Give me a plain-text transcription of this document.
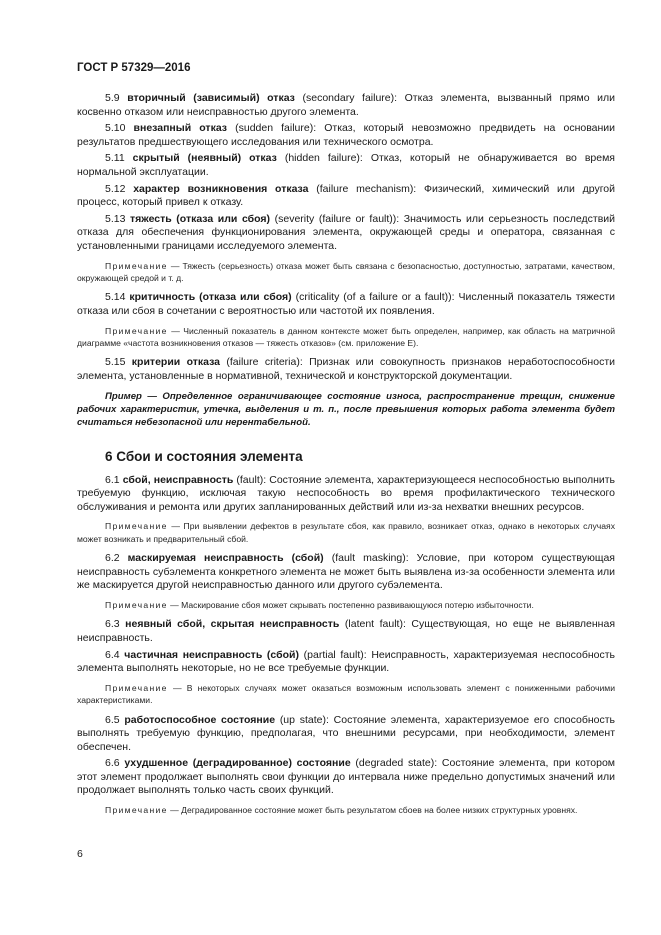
ГОСТ Р 57329—2016

5.9 вторичный (зависимый) отказ (secondary failure): Отказ элемента, вызванный прямо или косвенно отказом или неисправностью другого элемента.

5.10 внезапный отказ (sudden failure): Отказ, который невозможно предвидеть на основании результатов предшествующего исследования или технического осмотра.

5.11 скрытый (неявный) отказ (hidden failure): Отказ, который не обнаруживается во время нормальной эксплуатации.

5.12 характер возникновения отказа (failure mechanism): Физический, химический или другой процесс, который привел к отказу.

5.13 тяжесть (отказа или сбоя) (severity (failure or fault)): Значимость или серьезность последствий отказа для обеспечения функционирования элемента, окружающей среды и оператора, связанная с установленными границами исследуемого элемента.

Примечание — Тяжесть (серьезность) отказа может быть связана с безопасностью, доступностью, затратами, качеством, окружающей средой и т. д.

5.14 критичность (отказа или сбоя) (criticality (of a failure or a fault)): Численный показатель тяжести отказа или сбоя в сочетании с вероятностью или частотой их появления.

Примечание — Численный показатель в данном контексте может быть определен, например, как область на матричной диаграмме «частота возникновения отказов — тяжесть отказов» (см. приложение Е).

5.15 критерии отказа (failure criteria): Признак или совокупность признаков неработоспособности элемента, установленные в нормативной, технической и конструкторской документации.

Пример — Определенное ограничивающее состояние износа, распространение трещин, снижение рабочих характеристик, утечка, выделения и т. п., после превышения которых работа элемента будет считаться небезопасной или нерентабельной.

6 Сбои и состояния элемента

6.1 сбой, неисправность (fault): Состояние элемента, характеризующееся неспособностью выполнить требуемую функцию, исключая такую неспособность во время профилактического технического обслуживания и ремонта или других запланированных действий или из-за нехватки внешних ресурсов.

Примечание — При выявлении дефектов в результате сбоя, как правило, возникает отказ, однако в некоторых случаях может возникать и предварительный сбой.

6.2 маскируемая неисправность (сбой) (fault masking): Условие, при котором существующая неисправность субэлемента конкретного элемента не может быть выявлена из-за особенности элемента или же маскируется другой неисправностью данного или другого субэлемента.

Примечание — Маскирование сбоя может скрывать постепенно развивающуюся потерю избыточности.

6.3 неявный сбой, скрытая неисправность (latent fault): Существующая, но еще не выявленная неисправность.

6.4 частичная неисправность (сбой) (partial fault): Неисправность, характеризуемая неспособность элемента выполнять некоторые, но не все требуемые функции.

Примечание — В некоторых случаях может оказаться возможным использовать элемент с пониженными рабочими характеристиками.

6.5 работоспособное состояние (up state): Состояние элемента, характеризуемое его способность выполнять требуемую функцию, предполагая, что внешними ресурсами, при необходимости, элемент обеспечен.

6.6 ухудшенное (деградированное) состояние (degraded state): Состояние элемента, при котором этот элемент продолжает выполнять свои функции до интервала ниже предельно допустимых значений или продолжает выполнять только часть своих функций.

Примечание — Деградированное состояние может быть результатом сбоев на более низких структурных уровнях.

6
